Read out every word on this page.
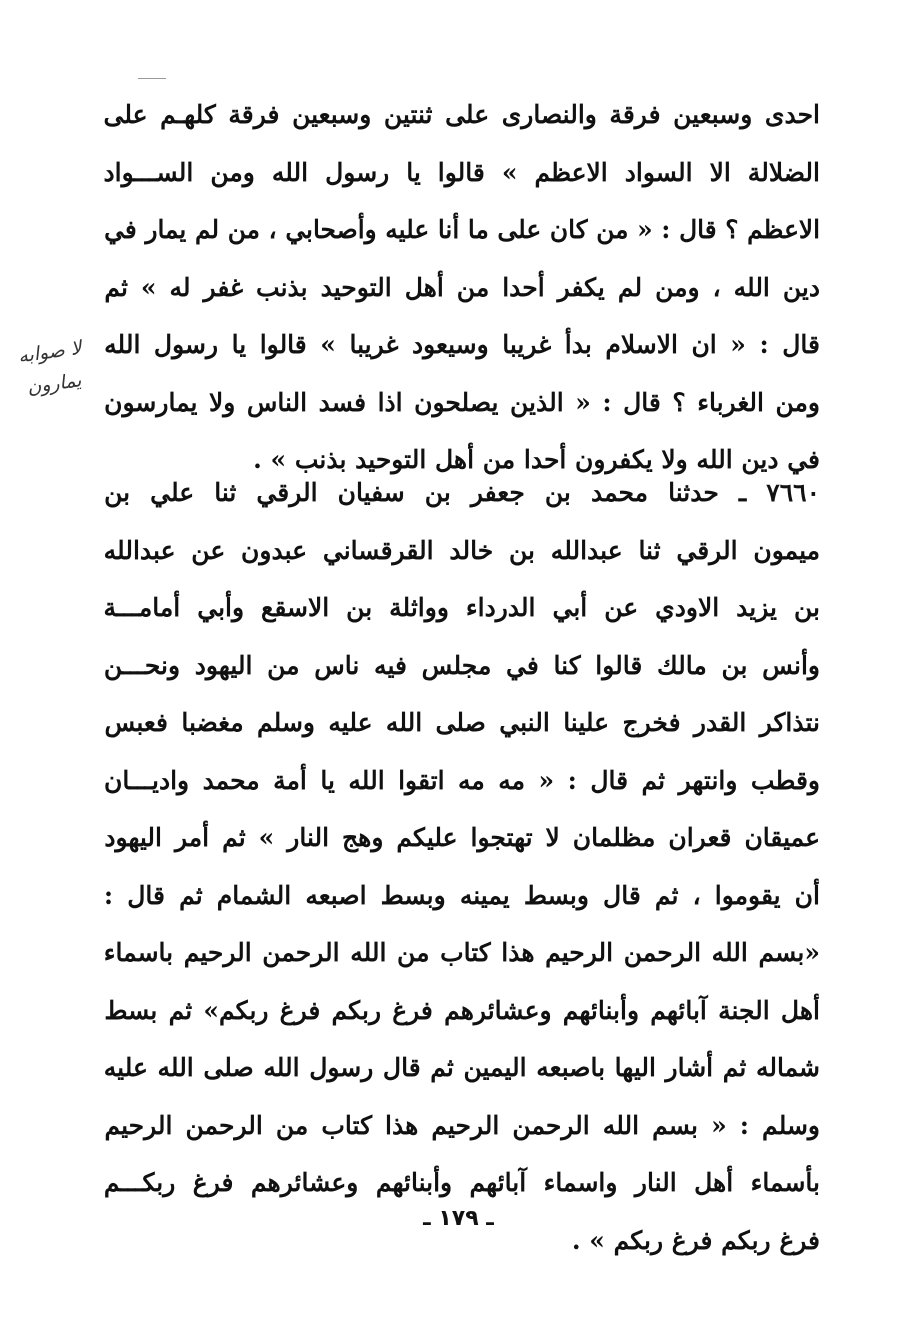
احدى وسبعين فرقة والنصارى على ثنتين وسبعين فرقة كلهـم على
الضلالة الا السواد الاعظم » قالوا يا رسول الله ومن الســـواد
الاعظم ؟ قال : « من كان على ما أنا عليه وأصحابي ، من لم يمار في
دين الله ، ومن لم يكفر أحدا من أهل التوحيد بذنب غفر له » ثم
قال : « ان الاسلام بدأ غريبا وسيعود غريبا » قالوا يا رسول الله
ومن الغرباء ؟ قال : « الذين يصلحون اذا فسد الناس ولا يمارسون
في دين الله ولا يكفرون أحدا من أهل التوحيد بذنب » .
لا صوابه
يمارون
٧٦٦٠ ـ حدثنا محمد بن جعفر بن سفيان الرقي ثنا علي بن
ميمون الرقي ثنا عبدالله بن خالد القرقساني عبدون عن عبدالله
بن يزيد الاودي عن أبي الدرداء وواثلة بن الاسقع وأبي أمامـــة
وأنس بن مالك قالوا كنا في مجلس فيه ناس من اليهود ونحـــن
نتذاكر القدر فخرج علينا النبي صلى الله عليه وسلم مغضبا فعبس
وقطب وانتهر ثم قال : « مه مه اتقوا الله يا أمة محمد واديـــان
عميقان قعران مظلمان لا تهتجوا عليكم وهج النار » ثم أمر اليهود
أن يقوموا ، ثم قال وبسط يمينه وبسط اصبعه الشمام ثم قال :
«بسم الله الرحمن الرحيم هذا كتاب من الله الرحمن الرحيم باسماء
أهل الجنة آبائهم وأبنائهم وعشائرهم فرغ ربكم فرغ ربكم» ثم بسط
شماله ثم أشار اليها باصبعه اليمين ثم قال رسول الله صلى الله عليه
وسلم : « بسم الله الرحمن الرحيم هذا كتاب من الرحمن الرحيم
بأسماء أهل النار واسماء آبائهم وأبنائهم وعشائرهم فرغ ربكـــم
فرغ ربكم فرغ ربكم » .
ـ ١٧٩ ـ
